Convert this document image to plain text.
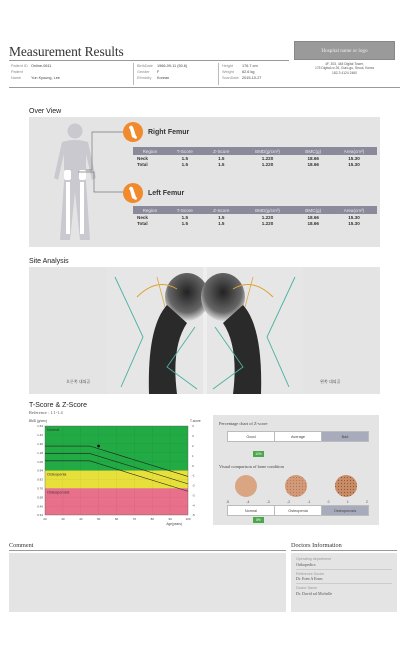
Measurement Results
Patient ID Online-0611
Patient Name	Yun Kyoung, Lee
BirthDate 1966-09-11 (50.6)
Gender F
Ethnicity Korean
Height 176.7 cm
Weight 62.6 kg
ScanDate 2015-10-27
Hospital name or logo
4F, 303, 448 Digital Tower,
175 Digital-ro 26, Guro-gu, Seoul, Korea
182-3 4124 2460
Over View
Right Femur
Region	T-Score	Z-Score	BMD(g/cm²)	BMC(g)	Area(cm²)
Neck	1.5	1.5	1.220	18.66	15.30
Total	1.5	1.5	1.220	18.66	15.30
Left Femur
Region	T-Score	Z-Score	BMD(g/cm²)	BMC(g)	Area(cm²)
Neck	1.5	1.5	1.220	18.66	15.30
Total	1.5	1.5	1.220	18.66	15.30
Site Analysis
오른쪽 대퇴골	왼쪽 대퇴골
T-Score & Z-Score
Reference : 1.1-1.4
Normal
Osteopenia
Osteoporosis
1.54
1.42
1.30
1.18
1.06
0.94
0.82
0.70
0.58
0.46
0.34
20	30	40	50	60	70	80	90	100
4
3
2
1
0
-1
-2
-3
-4
-5
BMD (g/cm²)	T-score
Age(years)
Percentage chart of Z-score
Good	Average	Bad
10%
Visual comparison of bone condition
-5	-4	-3	-2	-1	0	1	2
Normal	Osteopenia	Osteoporosis
8%
Comment	Doctors Information
Operating department
Orthopedics
Reference Doctor
Dr. Eren A Ersm
Doctor Name
Dr. David ral Michelle
